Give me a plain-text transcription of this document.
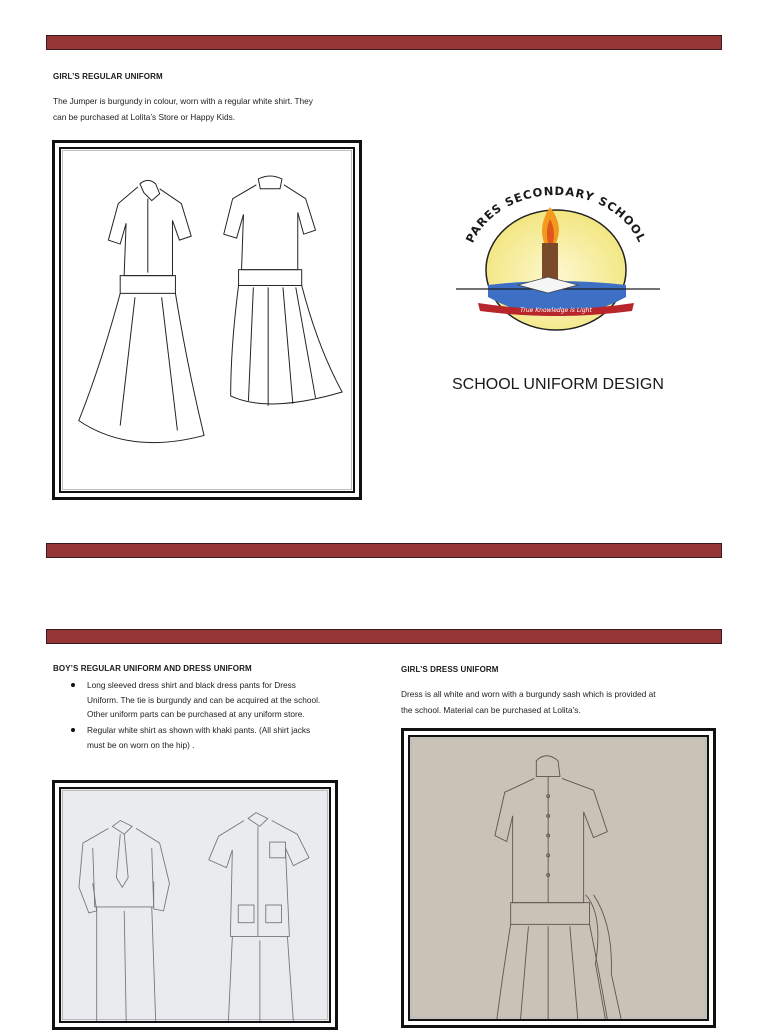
GIRL’S REGULAR UNIFORM
The Jumper is burgundy in colour, worn with a regular white shirt. They
can be purchased at Lolita’s Store or Happy Kids.
True Knowledge is Light
PARES SECONDARY SCHOOL
SCHOOL UNIFORM DESIGN
BOY’S REGULAR UNIFORM AND DRESS UNIFORM
Long sleeved dress shirt and black dress pants for Dress
Uniform. The tie is burgundy and can be acquired at the school.
Other uniform parts can be purchased at any uniform store.
Regular white shirt as shown with khaki pants. (All shirt jacks
must be on worn on the hip) .
GIRL’S DRESS UNIFORM
Dress is all white and worn with a burgundy sash which is provided at
the school. Material can be purchased at Lolita’s.
